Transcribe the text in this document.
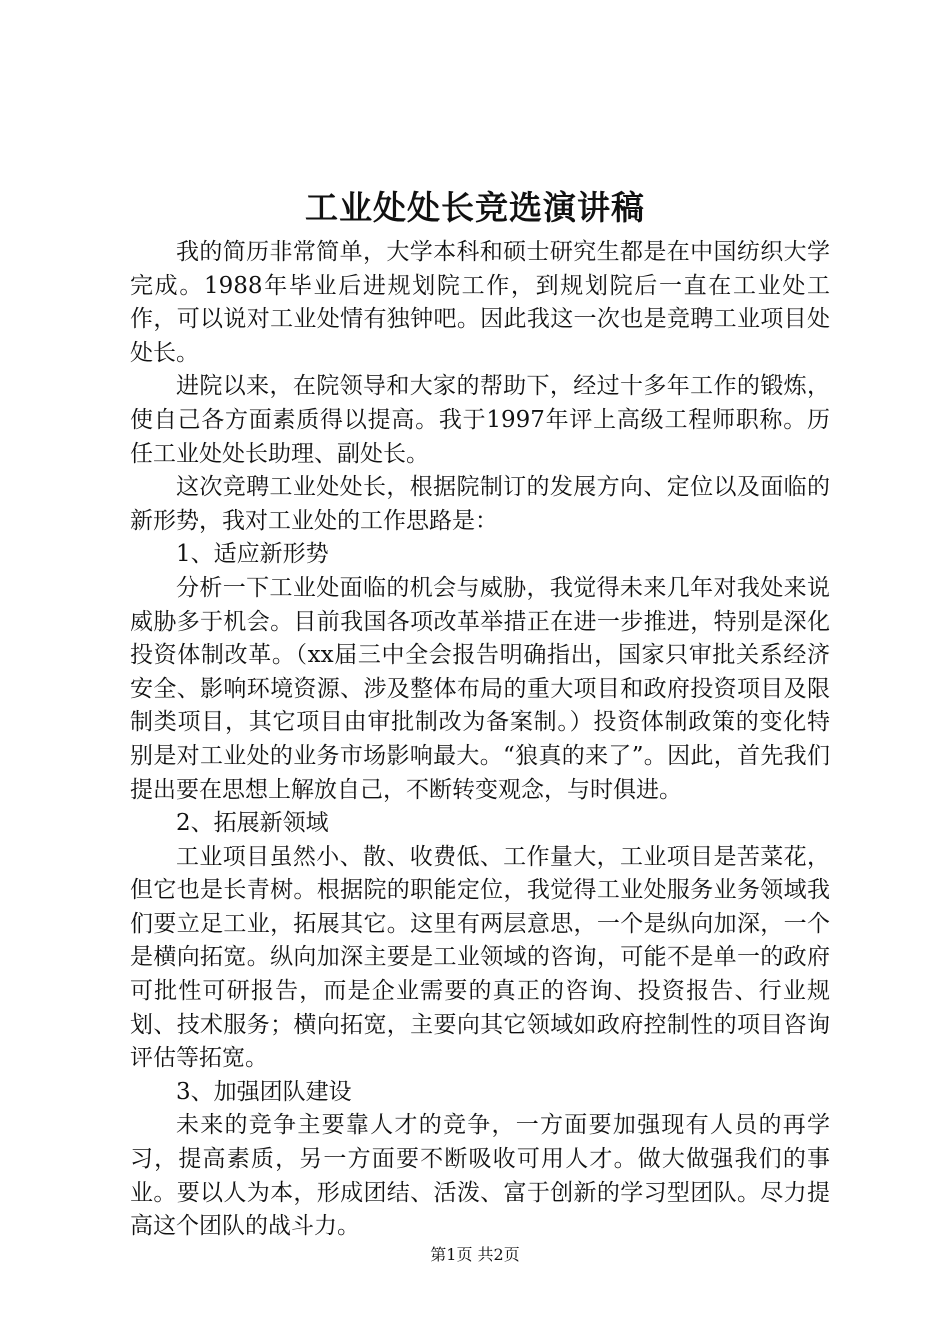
工业处处长竞选演讲稿

我的简历非常简单，大学本科和硕士研究生都是在中国纺织大学完成。1988年毕业后进规划院工作，到规划院后一直在工业处工作，可以说对工业处情有独钟吧。因此我这一次也是竞聘工业项目处处长。

进院以来，在院领导和大家的帮助下，经过十多年工作的锻炼，使自己各方面素质得以提高。我于1997年评上高级工程师职称。历任工业处处长助理、副处长。

这次竞聘工业处处长，根据院制订的发展方向、定位以及面临的新形势，我对工业处的工作思路是：

1、适应新形势

分析一下工业处面临的机会与威胁，我觉得未来几年对我处来说威胁多于机会。目前我国各项改革举措正在进一步推进，特别是深化投资体制改革。（xx届三中全会报告明确指出，国家只审批关系经济安全、影响环境资源、涉及整体布局的重大项目和政府投资项目及限制类项目，其它项目由审批制改为备案制。）投资体制政策的变化特别是对工业处的业务市场影响最大。“狼真的来了”。因此，首先我们提出要在思想上解放自己，不断转变观念，与时俱进。

2、拓展新领域

工业项目虽然小、散、收费低、工作量大，工业项目是苦菜花，但它也是长青树。根据院的职能定位，我觉得工业处服务业务领域我们要立足工业，拓展其它。这里有两层意思，一个是纵向加深，一个是横向拓宽。纵向加深主要是工业领域的咨询，可能不是单一的政府可批性可研报告，而是企业需要的真正的咨询、投资报告、行业规划、技术服务；横向拓宽，主要向其它领域如政府控制性的项目咨询评估等拓宽。

3、加强团队建设

未来的竞争主要靠人才的竞争，一方面要加强现有人员的再学习，提高素质，另一方面要不断吸收可用人才。做大做强我们的事业。要以人为本，形成团结、活泼、富于创新的学习型团队。尽力提高这个团队的战斗力。

第1页 共2页
